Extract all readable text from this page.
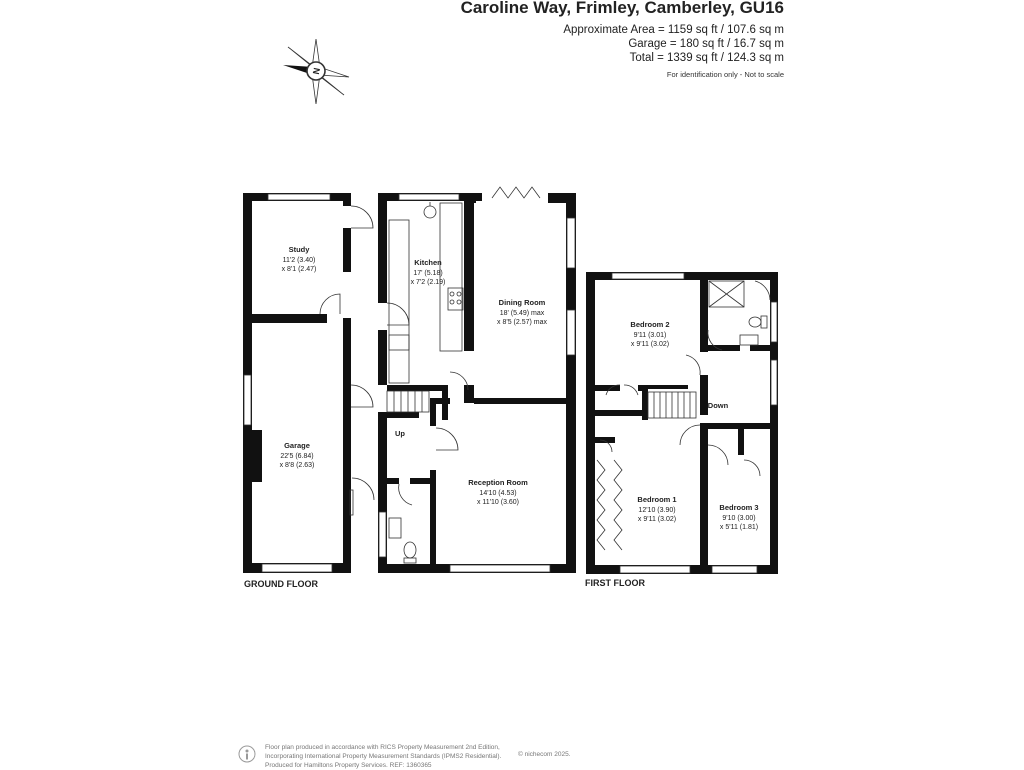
Caroline Way, Frimley, Camberley, GU16
Approximate Area = 1159 sq ft / 107.6 sq m
Garage = 180 sq ft / 16.7 sq m
Total = 1339 sq ft / 124.3 sq m
For identification only - Not to scale
N
Study
11'2 (3.40)
x 8'1 (2.47)
Garage
22'5 (6.84)
x 8'8 (2.63)
Kitchen
17' (5.18)
x 7'2 (2.19)
Dining Room
18' (5.49) max
x 8'5 (2.57) max
Reception Room
14'10 (4.53)
x 11'10 (3.60)
Up
Bedroom 2
9'11 (3.01)
x 9'11 (3.02)
Bedroom 1
12'10 (3.90)
x 9'11 (3.02)
Bedroom 3
9'10 (3.00)
x 5'11 (1.81)
Down
GROUND FLOOR	FIRST FLOOR
Floor plan produced in accordance with RICS Property Measurement 2nd Edition,
Incorporating International Property Measurement Standards (IPMS2 Residential).
Produced for Hamiltons Property Services. REF: 1360365
© nichecom 2025.
